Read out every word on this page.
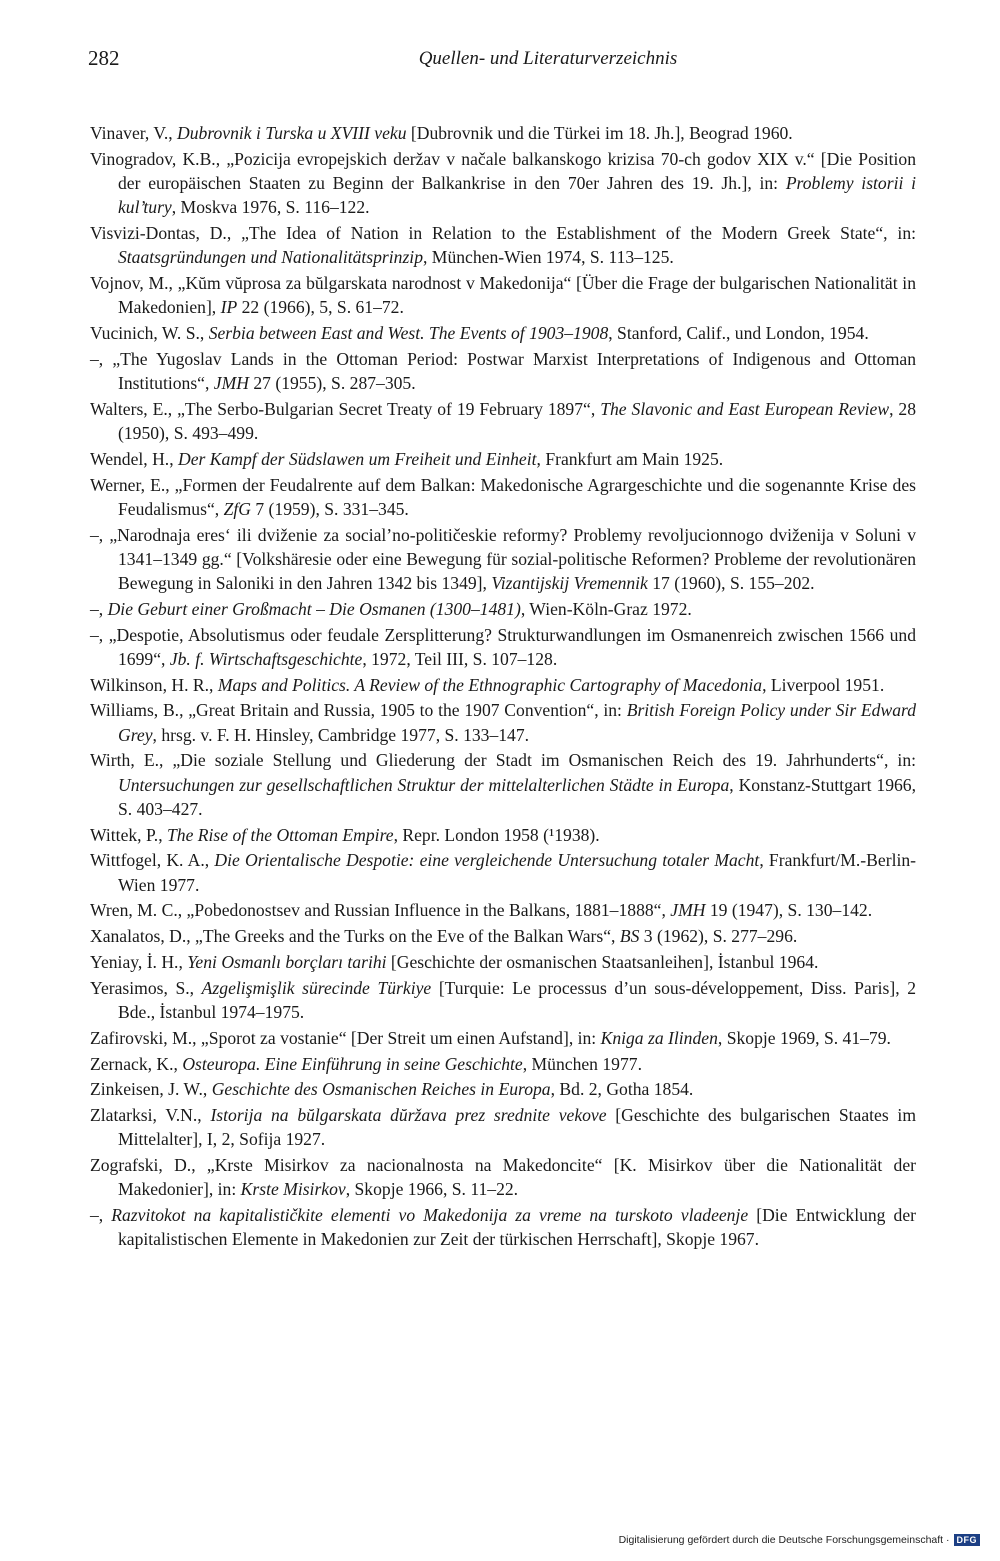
282	Quellen- und Literaturverzeichnis

Vinaver, V., Dubrovnik i Turska u XVIII veku [Dubrovnik und die Türkei im 18. Jh.], Beograd 1960.

Vinogradov, K.B., „Pozicija evropejskich deržav v načale balkanskogo krizisa 70-ch godov XIX v.“ [Die Position der europäischen Staaten zu Beginn der Balkankrise in den 70er Jahren des 19. Jh.], in: Problemy istorii i kul’tury, Moskva 1976, S. 116–122.

Visvizi-Dontas, D., „The Idea of Nation in Relation to the Establishment of the Modern Greek State“, in: Staatsgründungen und Nationalitätsprinzip, München-Wien 1974, S. 113–125.

Vojnov, M., „Kŭm vŭprosa za bŭlgarskata narodnost v Makedonija“ [Über die Frage der bulgarischen Nationalität in Makedonien], IP 22 (1966), 5, S. 61–72.

Vucinich, W. S., Serbia between East and West. The Events of 1903–1908, Stanford, Calif., und London, 1954.

–, „The Yugoslav Lands in the Ottoman Period: Postwar Marxist Interpretations of Indigenous and Ottoman Institutions“, JMH 27 (1955), S. 287–305.

Walters, E., „The Serbo-Bulgarian Secret Treaty of 19 February 1897“, The Slavonic and East European Review, 28 (1950), S. 493–499.

Wendel, H., Der Kampf der Südslawen um Freiheit und Einheit, Frankfurt am Main 1925.

Werner, E., „Formen der Feudalrente auf dem Balkan: Makedonische Agrargeschichte und die sogenannte Krise des Feudalismus“, ZfG 7 (1959), S. 331–345.

–, „Narodnaja eres‘ ili dviženie za social’no-političeskie reformy? Problemy revoljucionnogo dviženija v Soluni v 1341–1349 gg.“ [Volkshäresie oder eine Bewegung für sozial-politische Reformen? Probleme der revolutionären Bewegung in Saloniki in den Jahren 1342 bis 1349], Vizantijskij Vremennik 17 (1960), S. 155–202.

–, Die Geburt einer Großmacht – Die Osmanen (1300–1481), Wien-Köln-Graz 1972.

–, „Despotie, Absolutismus oder feudale Zersplitterung? Strukturwandlungen im Osmanenreich zwischen 1566 und 1699“, Jb. f. Wirtschaftsgeschichte, 1972, Teil III, S. 107–128.

Wilkinson, H. R., Maps and Politics. A Review of the Ethnographic Cartography of Macedonia, Liverpool 1951.

Williams, B., „Great Britain and Russia, 1905 to the 1907 Convention“, in: British Foreign Policy under Sir Edward Grey, hrsg. v. F. H. Hinsley, Cambridge 1977, S. 133–147.

Wirth, E., „Die soziale Stellung und Gliederung der Stadt im Osmanischen Reich des 19. Jahrhunderts“, in: Untersuchungen zur gesellschaftlichen Struktur der mittelalterlichen Städte in Europa, Konstanz-Stuttgart 1966, S. 403–427.

Wittek, P., The Rise of the Ottoman Empire, Repr. London 1958 (¹1938).

Wittfogel, K. A., Die Orientalische Despotie: eine vergleichende Untersuchung totaler Macht, Frankfurt/M.-Berlin-Wien 1977.

Wren, M. C., „Pobedonostsev and Russian Influence in the Balkans, 1881–1888“, JMH 19 (1947), S. 130–142.

Xanalatos, D., „The Greeks and the Turks on the Eve of the Balkan Wars“, BS 3 (1962), S. 277–296.

Yeniay, İ. H., Yeni Osmanlı borçları tarihi [Geschichte der osmanischen Staatsanleihen], İstanbul 1964.

Yerasimos, S., Azgelişmişlik sürecinde Türkiye [Turquie: Le processus d’un sous-développement, Diss. Paris], 2 Bde., İstanbul 1974–1975.

Zafirovski, M., „Sporot za vostanie“ [Der Streit um einen Aufstand], in: Kniga za Ilinden, Skopje 1969, S. 41–79.

Zernack, K., Osteuropa. Eine Einführung in seine Geschichte, München 1977.

Zinkeisen, J. W., Geschichte des Osmanischen Reiches in Europa, Bd. 2, Gotha 1854.

Zlatarksi, V.N., Istorija na bŭlgarskata dŭržava prez srednite vekove [Geschichte des bulgarischen Staates im Mittelalter], I, 2, Sofija 1927.

Zografski, D., „Krste Misirkov za nacionalnosta na Makedoncite“ [K. Misirkov über die Nationalität der Makedonier], in: Krste Misirkov, Skopje 1966, S. 11–22.

–, Razvitokot na kapitalističkite elementi vo Makedonija za vreme na turskoto vladeenje [Die Entwicklung der kapitalistischen Elemente in Makedonien zur Zeit der türkischen Herrschaft], Skopje 1967.

Digitalisierung gefördert durch die Deutsche Forschungsgemeinschaft · DFG
